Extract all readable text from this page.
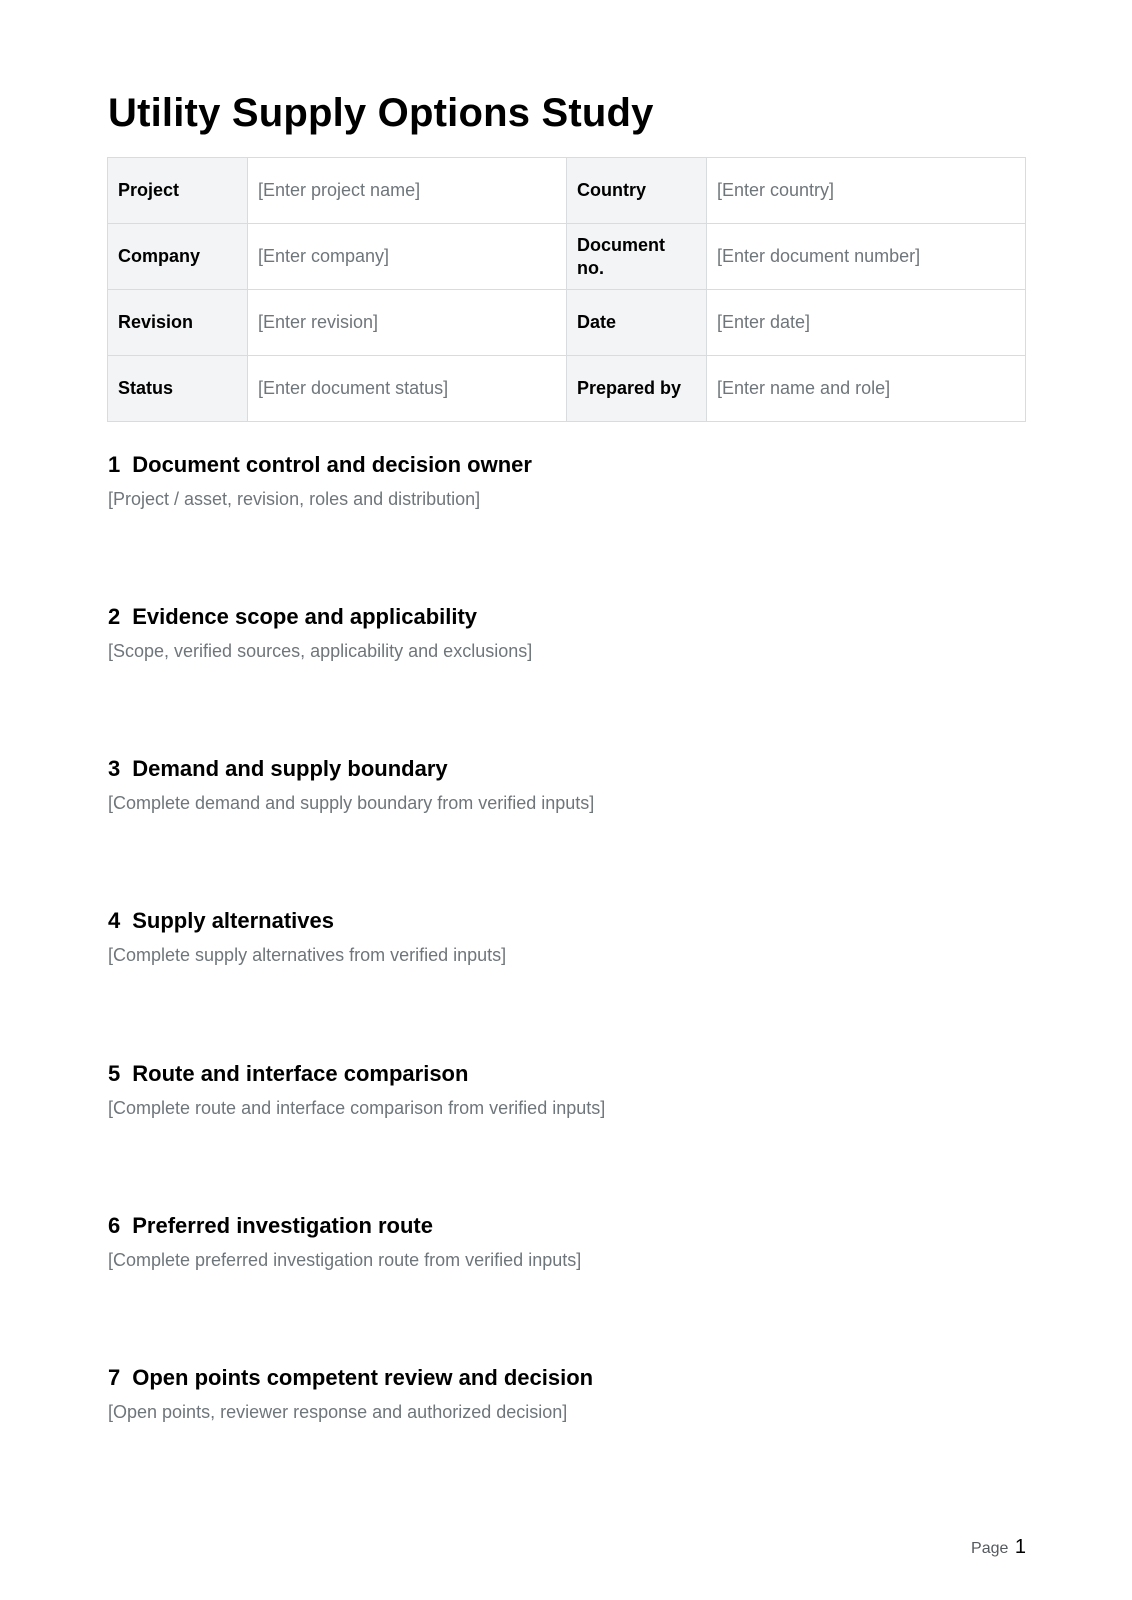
Utility Supply Options Study
Project	[Enter project name]	Country	[Enter country]
Company	[Enter company]	Document no.	[Enter document number]
Revision	[Enter revision]	Date	[Enter date]
Status	[Enter document status]	Prepared by	[Enter name and role]
1 Document control and decision owner

[Project / asset, revision, roles and distribution]

2 Evidence scope and applicability

[Scope, verified sources, applicability and exclusions]

3 Demand and supply boundary

[Complete demand and supply boundary from verified inputs]

4 Supply alternatives

[Complete supply alternatives from verified inputs]

5 Route and interface comparison

[Complete route and interface comparison from verified inputs]

6 Preferred investigation route

[Complete preferred investigation route from verified inputs]

7 Open points competent review and decision

[Open points, reviewer response and authorized decision]

Page 1
